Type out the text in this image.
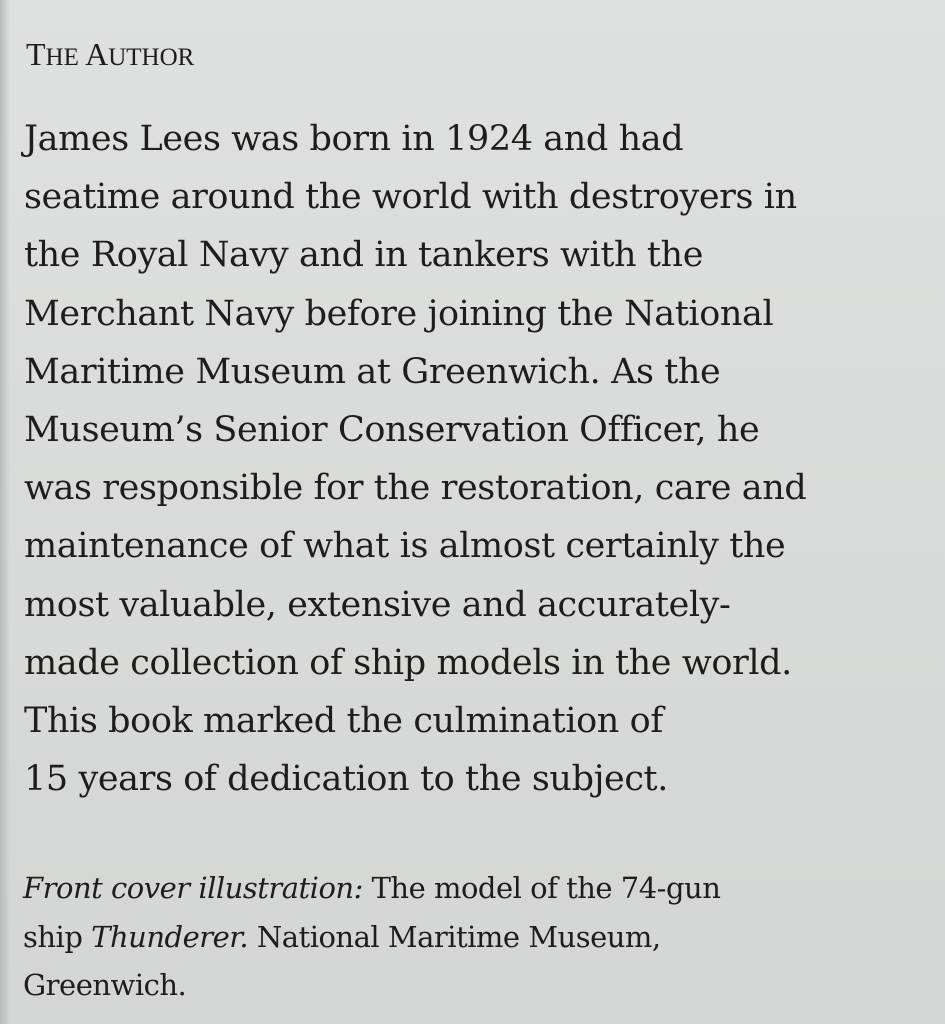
THE AUTHOR

James Lees was born in 1924 and had
seatime around the world with destroyers in
the Royal Navy and in tankers with the
Merchant Navy before joining the National
Maritime Museum at Greenwich. As the
Museum’s Senior Conservation Officer, he
was responsible for the restoration, care and
maintenance of what is almost certainly the
most valuable, extensive and accurately-
made collection of ship models in the world.
This book marked the culmination of
15 years of dedication to the subject.

Front cover illustration: The model of the 74-gun
ship Thunderer. National Maritime Museum,
Greenwich.
